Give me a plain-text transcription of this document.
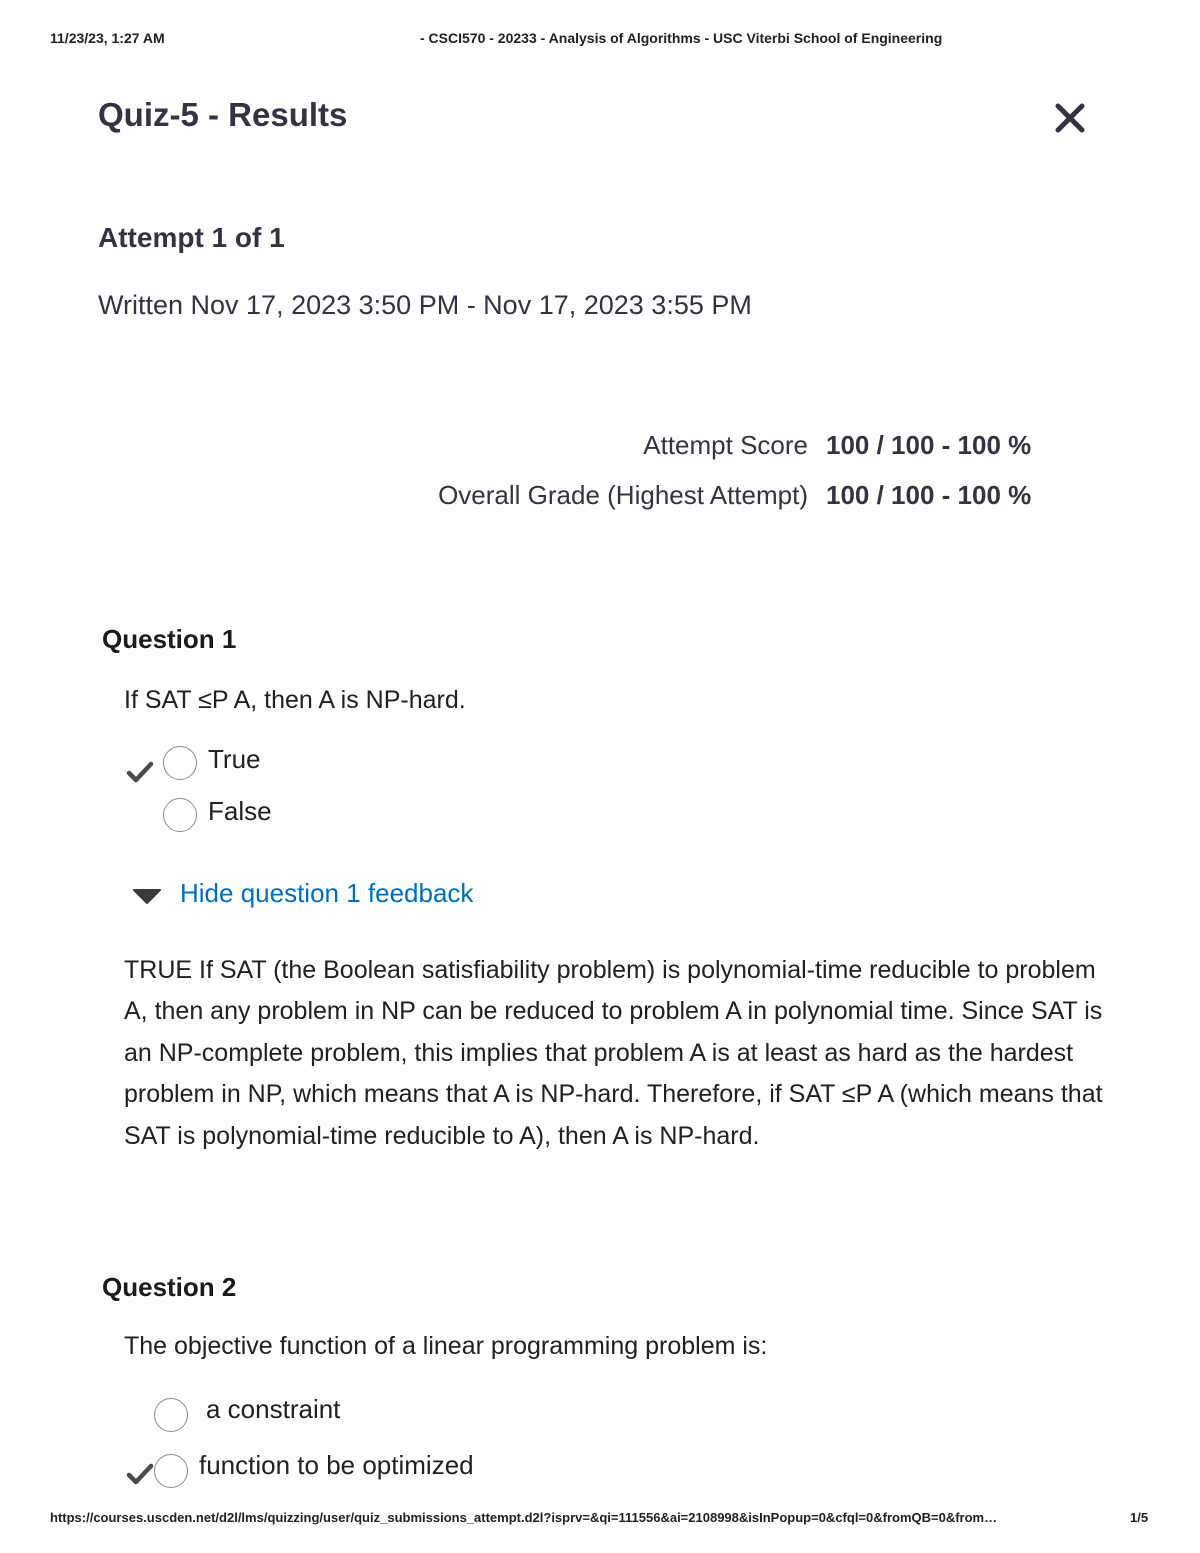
11/23/23, 1:27 AM	- CSCI570 - 20233 - Analysis of Algorithms - USC Viterbi School of Engineering
Quiz-5 - Results
Attempt 1 of 1
Written Nov 17, 2023 3:50 PM - Nov 17, 2023 3:55 PM
Attempt Score 100 / 100 - 100 %
Overall Grade (Highest Attempt) 100 / 100 - 100 %
Question 1
If SAT ≤P A, then A is NP-hard.
True
False
Hide question 1 feedback
TRUE If SAT (the Boolean satisfiability problem) is polynomial-time reducible to problem A, then any problem in NP can be reduced to problem A in polynomial time. Since SAT is an NP-complete problem, this implies that problem A is at least as hard as the hardest problem in NP, which means that A is NP-hard. Therefore, if SAT ≤P A (which means that SAT is polynomial-time reducible to A), then A is NP-hard.
Question 2
The objective function of a linear programming problem is:
a constraint
function to be optimized
https://courses.uscden.net/d2l/lms/quizzing/user/quiz_submissions_attempt.d2l?isprv=&qi=111556&ai=2108998&isInPopup=0&cfql=0&fromQB=0&from…	1/5
